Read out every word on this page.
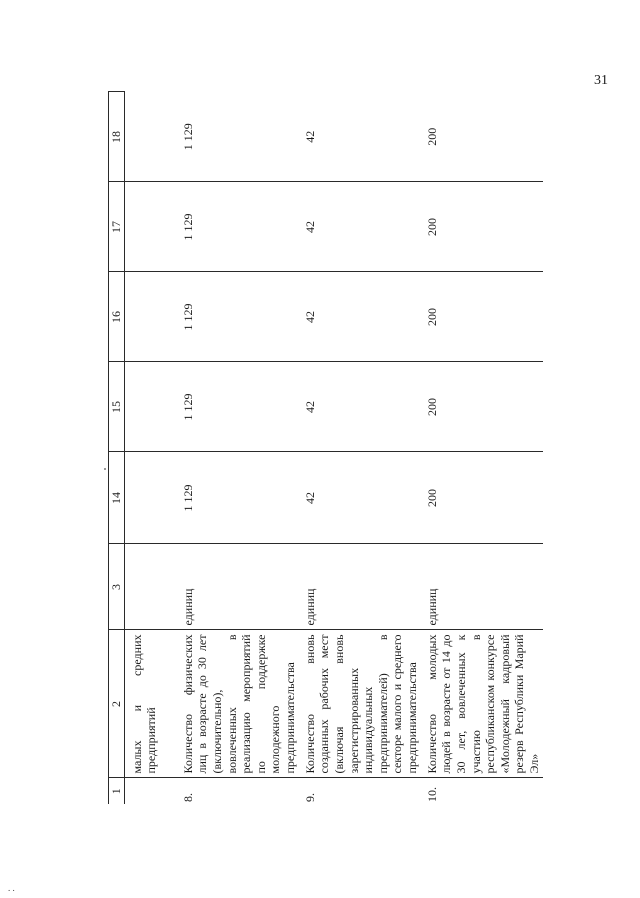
31
1	2	3	14	15	16	17	18

	малых и средних предприятий						

8.	Количество физических лиц в возрасте до 30 лет (включительно), вовлеченных в реализацию мероприятий по поддержке молодежного предпринимательства	единиц	1 129	1 129	1 129	1 129	1 129
9.	Количество вновь созданных рабочих мест (включая вновь зарегистрированных индивидуальных предпринимателей) в секторе малого и среднего предпринимательства	единиц	42	42	42	42	42
10.	Количество молодых людей в возрасте от 14 до 30 лет, вовлеченных к участию в республиканском конкурсе «Молодежный кадровый резерв Республики Марий Эл»	единиц	200	200	200	200	200
. .
